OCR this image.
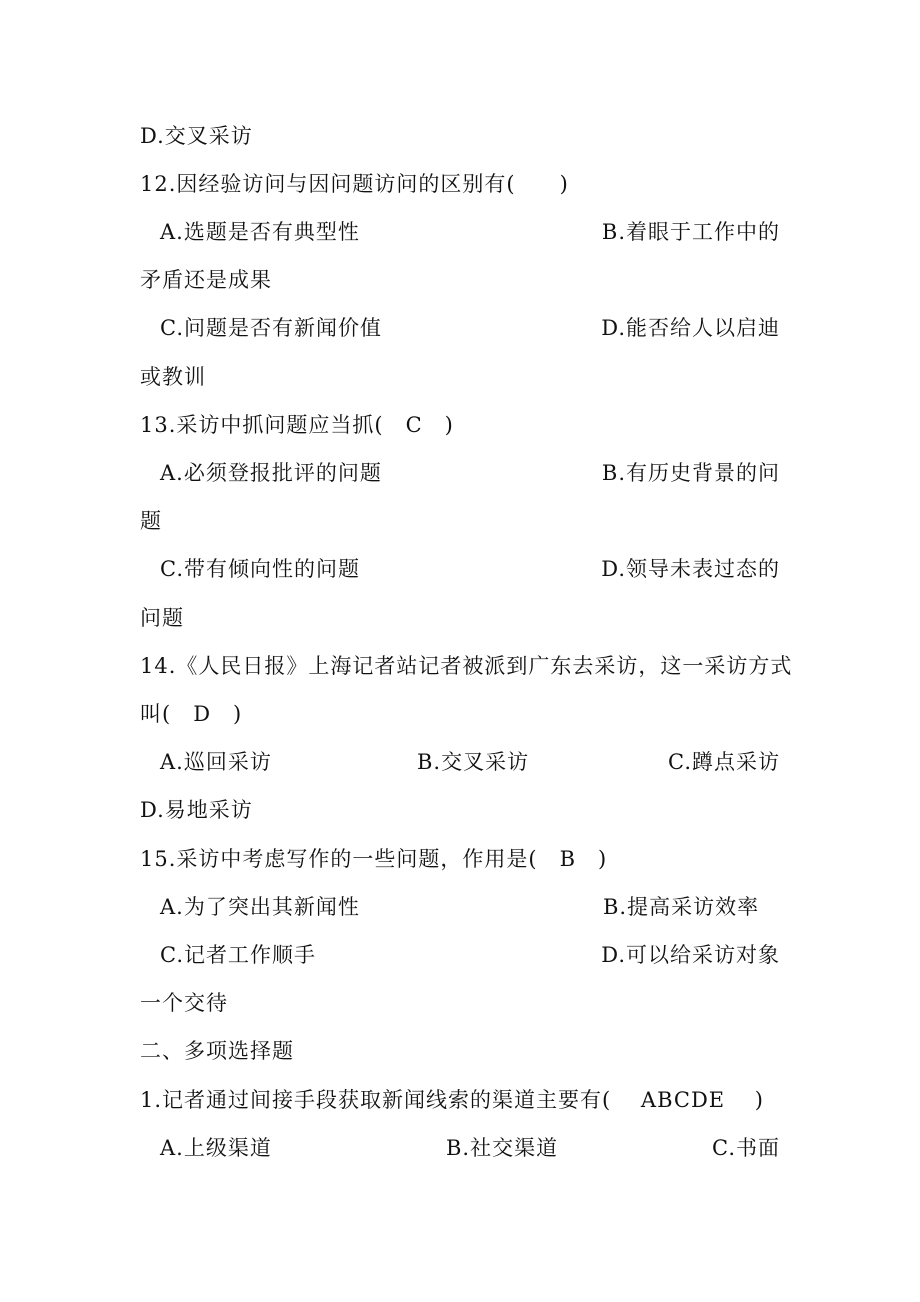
D.交叉采访
12.因经验访问与因问题访问的区别有(　　)
A.选题是否有典型性	B.着眼于工作中的
矛盾还是成果
C.问题是否有新闻价值	D.能否给人以启迪
或教训
13.采访中抓问题应当抓(　C　)
A.必须登报批评的问题	B.有历史背景的问
题
C.带有倾向性的问题	D.领导未表过态的
问题
14.《人民日报》上海记者站记者被派到广东去采访，这一采访方式
叫(　D　)
A.巡回采访	B.交叉采访	C.蹲点采访
D.易地采访
15.采访中考虑写作的一些问题，作用是(　B　)
A.为了突出其新闻性	B.提高采访效率
C.记者工作顺手	D.可以给采访对象
一个交待
二、多项选择题
1.记者通过间接手段获取新闻线索的渠道主要有(　 ABCDE 　)
A.上级渠道	B.社交渠道	C.书面
